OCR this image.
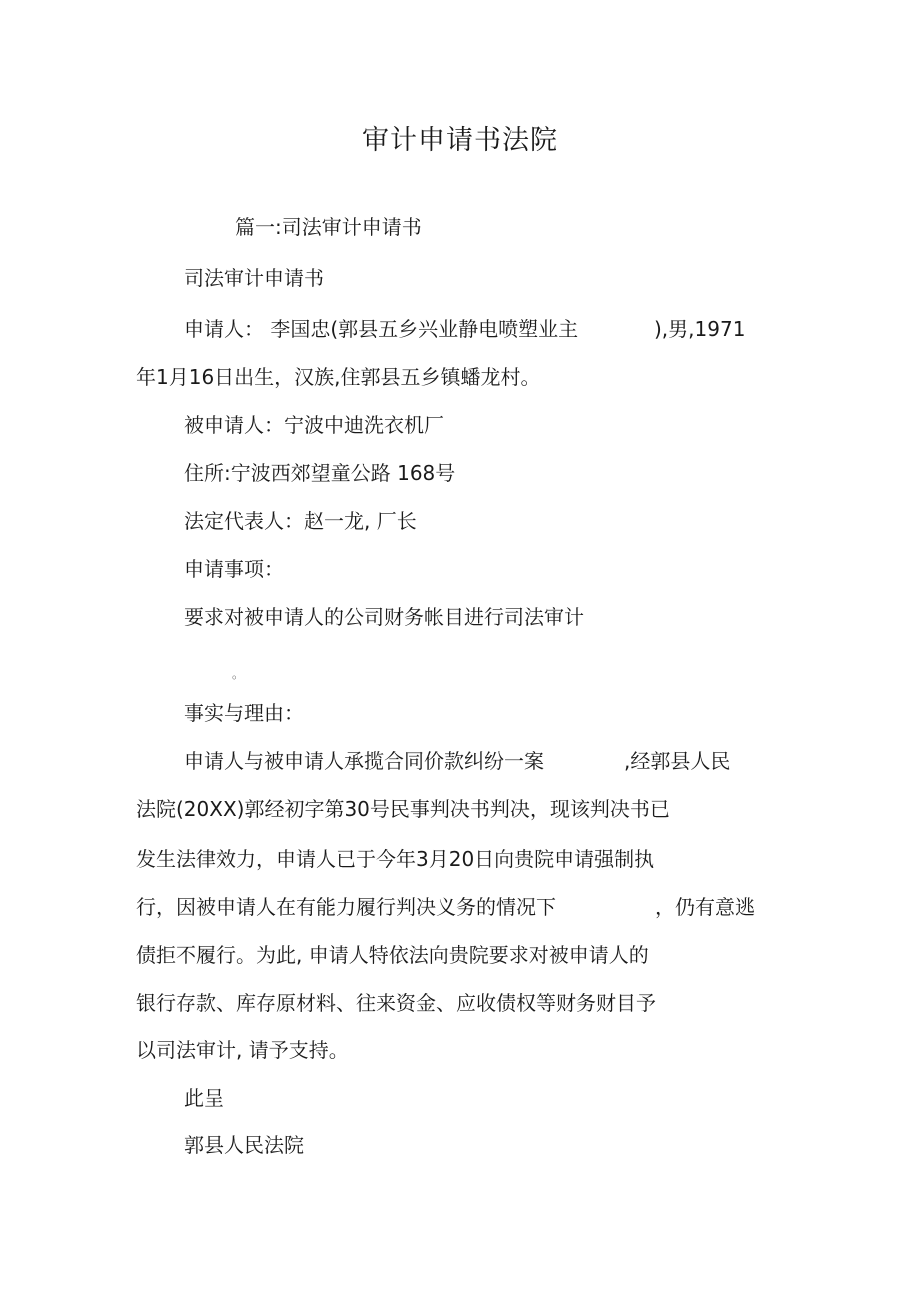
审计申请书法院
篇一:司法审计申请书
司法审计申请书
申请人： 李国忠(郭县五乡兴业静电喷塑业主	),男,1971
年1月16日出生，汉族,住郭县五乡镇蟠龙村。
被申请人：宁波中迪洗衣机厂
住所:宁波西郊望童公路 168号
法定代表人：赵一龙, 厂长
申请事项：
要求对被申请人的公司财务帐目进行司法审计
。
事实与理由：
申请人与被申请人承揽合同价款纠纷一案	,经郭县人民
法院(20XX)郭经初字第30号民事判决书判决，现该判决书已
发生法律效力，申请人已于今年3月20日向贵院申请强制执
行，因被申请人在有能力履行判决义务的情况下	，仍有意逃
债拒不履行。为此, 申请人特依法向贵院要求对被申请人的
银行存款、库存原材料、往来资金、应收债权等财务财目予
以司法审计, 请予支持。
此呈
郭县人民法院
